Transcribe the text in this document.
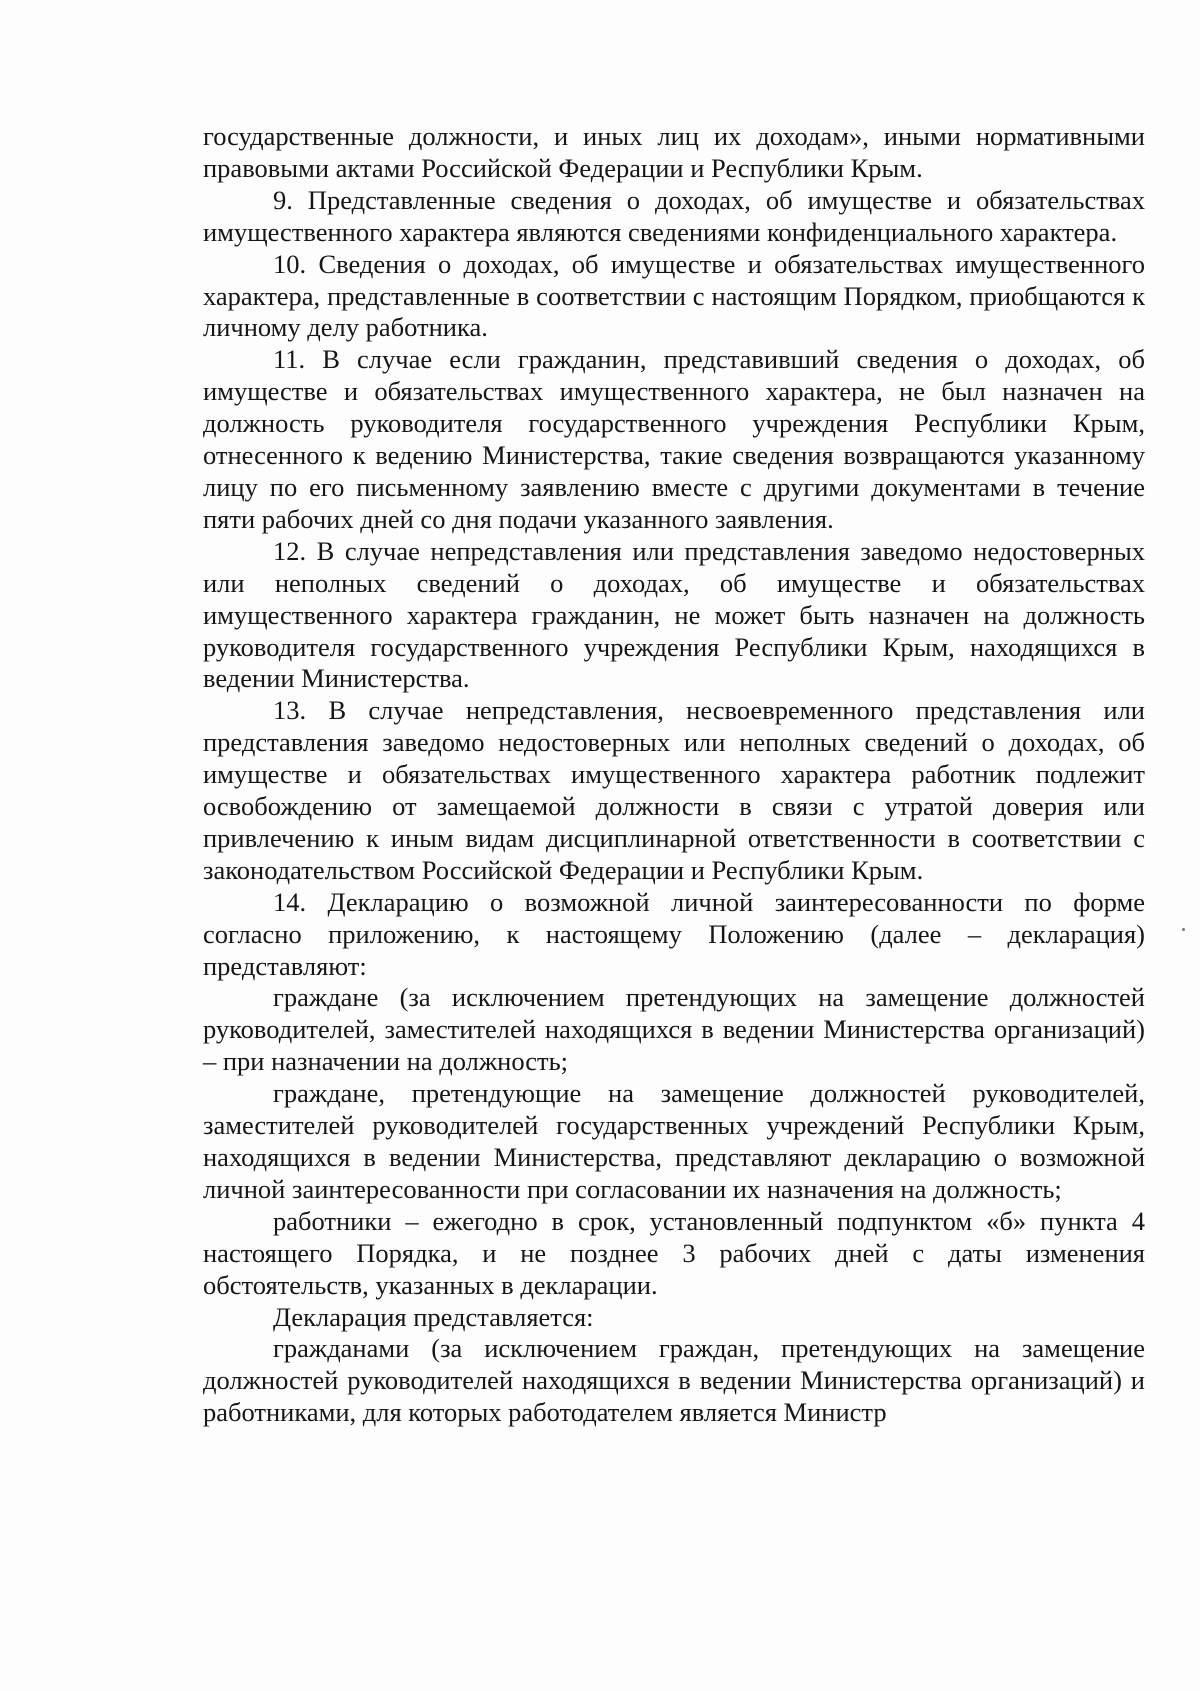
государственные должности, и иных лиц их доходам», иными нормативными правовыми актами Российской Федерации и Республики Крым.

9. Представленные сведения о доходах, об имуществе и обязательствах имущественного характера являются сведениями конфиденциального характера.

10. Сведения о доходах, об имуществе и обязательствах имущественного характера, представленные в соответствии с настоящим Порядком, приобщаются к личному делу работника.

11. В случае если гражданин, представивший сведения о доходах, об имуществе и обязательствах имущественного характера, не был назначен на должность руководителя государственного учреждения Республики Крым, отнесенного к ведению Министерства, такие сведения возвращаются указанному лицу по его письменному заявлению вместе с другими документами в течение пяти рабочих дней со дня подачи указанного заявления.

12. В случае непредставления или представления заведомо недостоверных или неполных сведений о доходах, об имуществе и обязательствах имущественного характера гражданин, не может быть назначен на должность руководителя государственного учреждения Республики Крым, находящихся в ведении Министерства.

13. В случае непредставления, несвоевременного представления или представления заведомо недостоверных или неполных сведений о доходах, об имуществе и обязательствах имущественного характера работник подлежит освобождению от замещаемой должности в связи с утратой доверия или привлечению к иным видам дисциплинарной ответственности в соответствии с законодательством Российской Федерации и Республики Крым.

14. Декларацию о возможной личной заинтересованности по форме согласно приложению, к настоящему Положению (далее – декларация) представляют:

граждане (за исключением претендующих на замещение должностей руководителей, заместителей находящихся в ведении Министерства организаций) – при назначении на должность;

граждане, претендующие на замещение должностей руководителей, заместителей руководителей государственных учреждений Республики Крым, находящихся в ведении Министерства, представляют декларацию о возможной личной заинтересованности при согласовании их назначения на должность;

работники – ежегодно в срок, установленный подпунктом «б» пункта 4 настоящего Порядка, и не позднее 3 рабочих дней с даты изменения обстоятельств, указанных в декларации.

Декларация представляется:

гражданами (за исключением граждан, претендующих на замещение должностей руководителей находящихся в ведении Министерства организаций) и работниками, для которых работодателем является Министр
